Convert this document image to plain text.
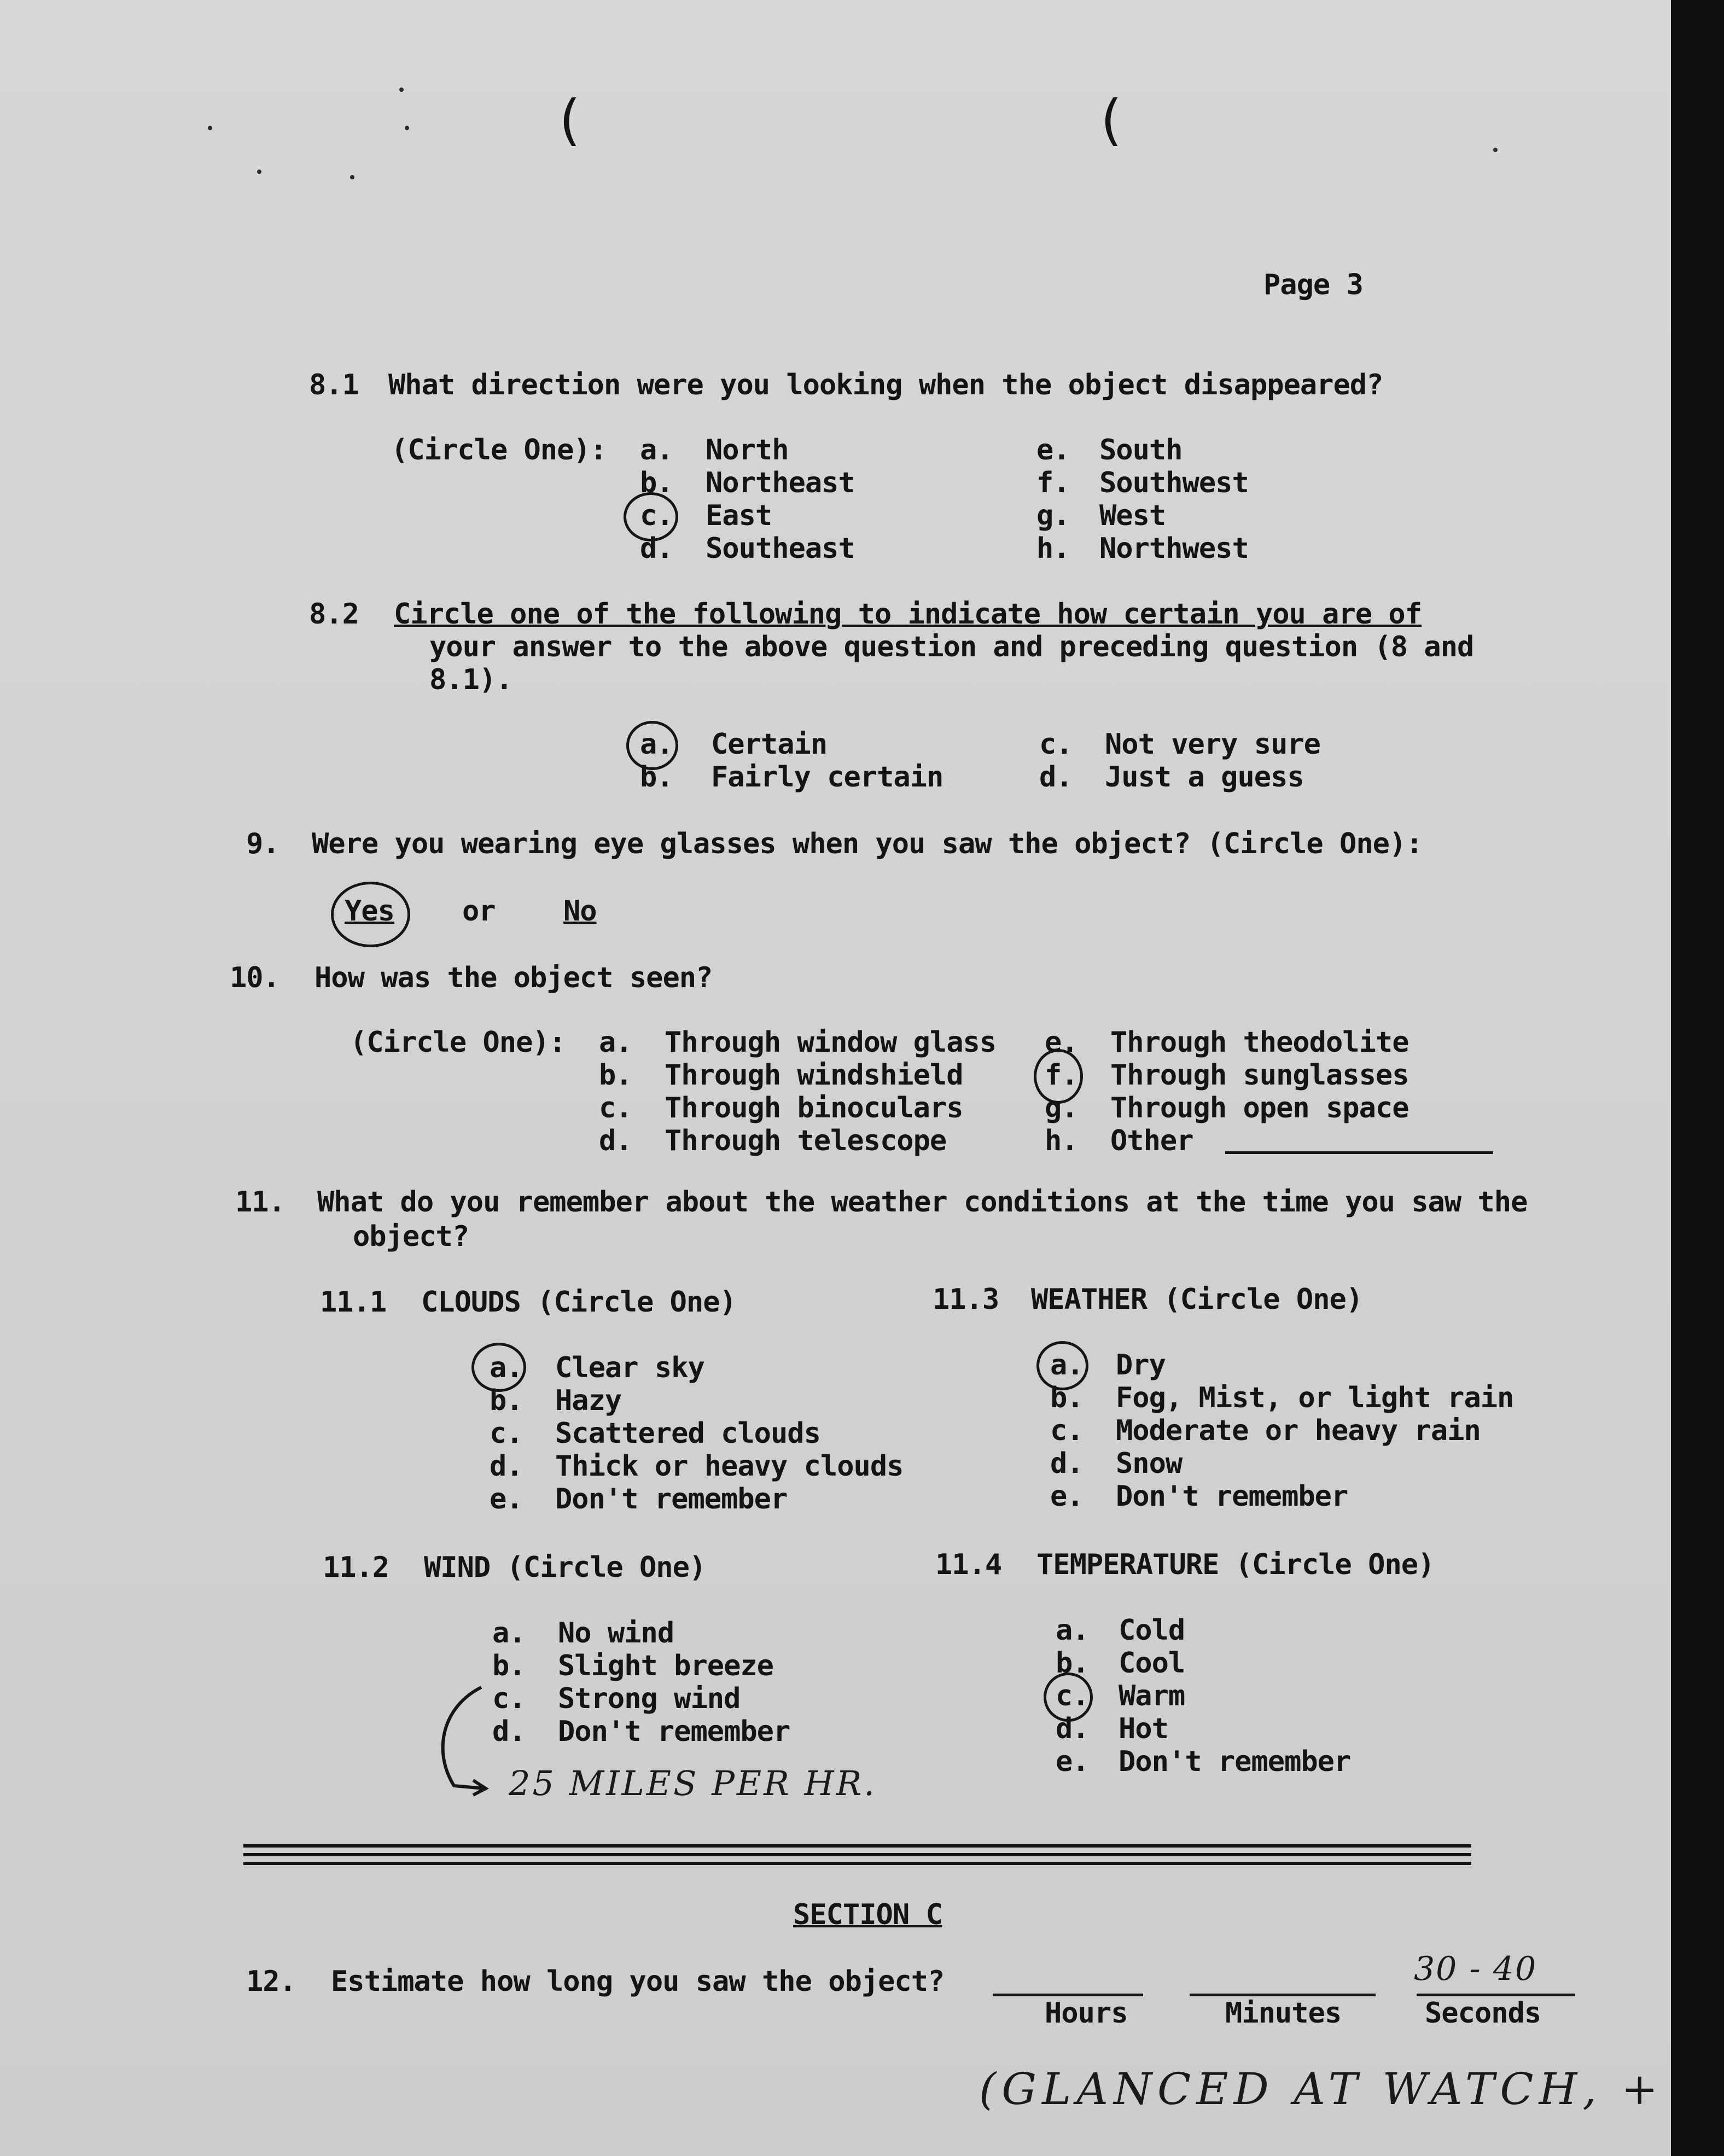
(	(
Page 3
8.1 What direction were you looking when the object disappeared?
(Circle One): a. North
b. Northeast
c. East
d. Southeast
e. South
f. Southwest
g. West
h. Northwest
8.2 Circle one of the following to indicate how certain you are of
your answer to the above question and preceding question (8 and
8.1).
a. Certain
b. Fairly certain
c. Not very sure
d. Just a guess
9. Were you wearing eye glasses when you saw the object? (Circle One):
Yes or No
10. How was the object seen?
(Circle One): a. Through window glass
b. Through windshield
c. Through binoculars
d. Through telescope
e. Through theodolite
f. Through sunglasses
g. Through open space
h. Other
11. What do you remember about the weather conditions at the time you saw the
object?
11.1 CLOUDS (Circle One)
a. Clear sky
b. Hazy
c. Scattered clouds
d. Thick or heavy clouds
e. Don't remember
11.3 WEATHER (Circle One)
a. Dry
b. Fog, Mist, or light rain
c. Moderate or heavy rain
d. Snow
e. Don't remember
11.2 WIND (Circle One)
a. No wind
b. Slight breeze
c. Strong wind
d. Don't remember
25 MILES PER HR.
11.4 TEMPERATURE (Circle One)
a. Cold
b. Cool
c. Warm
d. Hot
e. Don't remember
SECTION C
12. Estimate how long you saw the object?
Hours	Minutes
30 - 40
Seconds
(GLANCED AT WATCH, +
